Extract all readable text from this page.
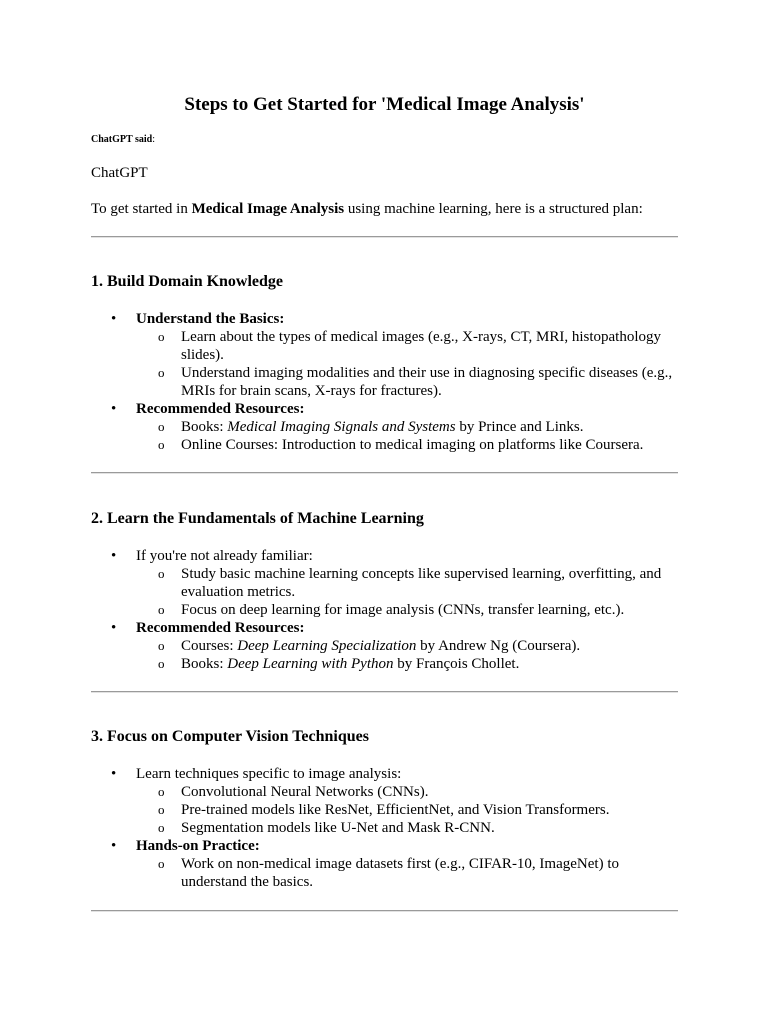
Steps to Get Started for 'Medical Image Analysis'
ChatGPT said:
ChatGPT
To get started in Medical Image Analysis using machine learning, here is a structured plan:
1. Build Domain Knowledge
• Understand the Basics:
o Learn about the types of medical images (e.g., X-rays, CT, MRI, histopathology slides).
o Understand imaging modalities and their use in diagnosing specific diseases (e.g., MRIs for brain scans, X-rays for fractures).
• Recommended Resources:
o Books: Medical Imaging Signals and Systems by Prince and Links.
o Online Courses: Introduction to medical imaging on platforms like Coursera.
2. Learn the Fundamentals of Machine Learning
• If you're not already familiar:
o Study basic machine learning concepts like supervised learning, overfitting, and evaluation metrics.
o Focus on deep learning for image analysis (CNNs, transfer learning, etc.).
• Recommended Resources:
o Courses: Deep Learning Specialization by Andrew Ng (Coursera).
o Books: Deep Learning with Python by François Chollet.
3. Focus on Computer Vision Techniques
• Learn techniques specific to image analysis:
o Convolutional Neural Networks (CNNs).
o Pre-trained models like ResNet, EfficientNet, and Vision Transformers.
o Segmentation models like U-Net and Mask R-CNN.
• Hands-on Practice:
o Work on non-medical image datasets first (e.g., CIFAR-10, ImageNet) to understand the basics.
